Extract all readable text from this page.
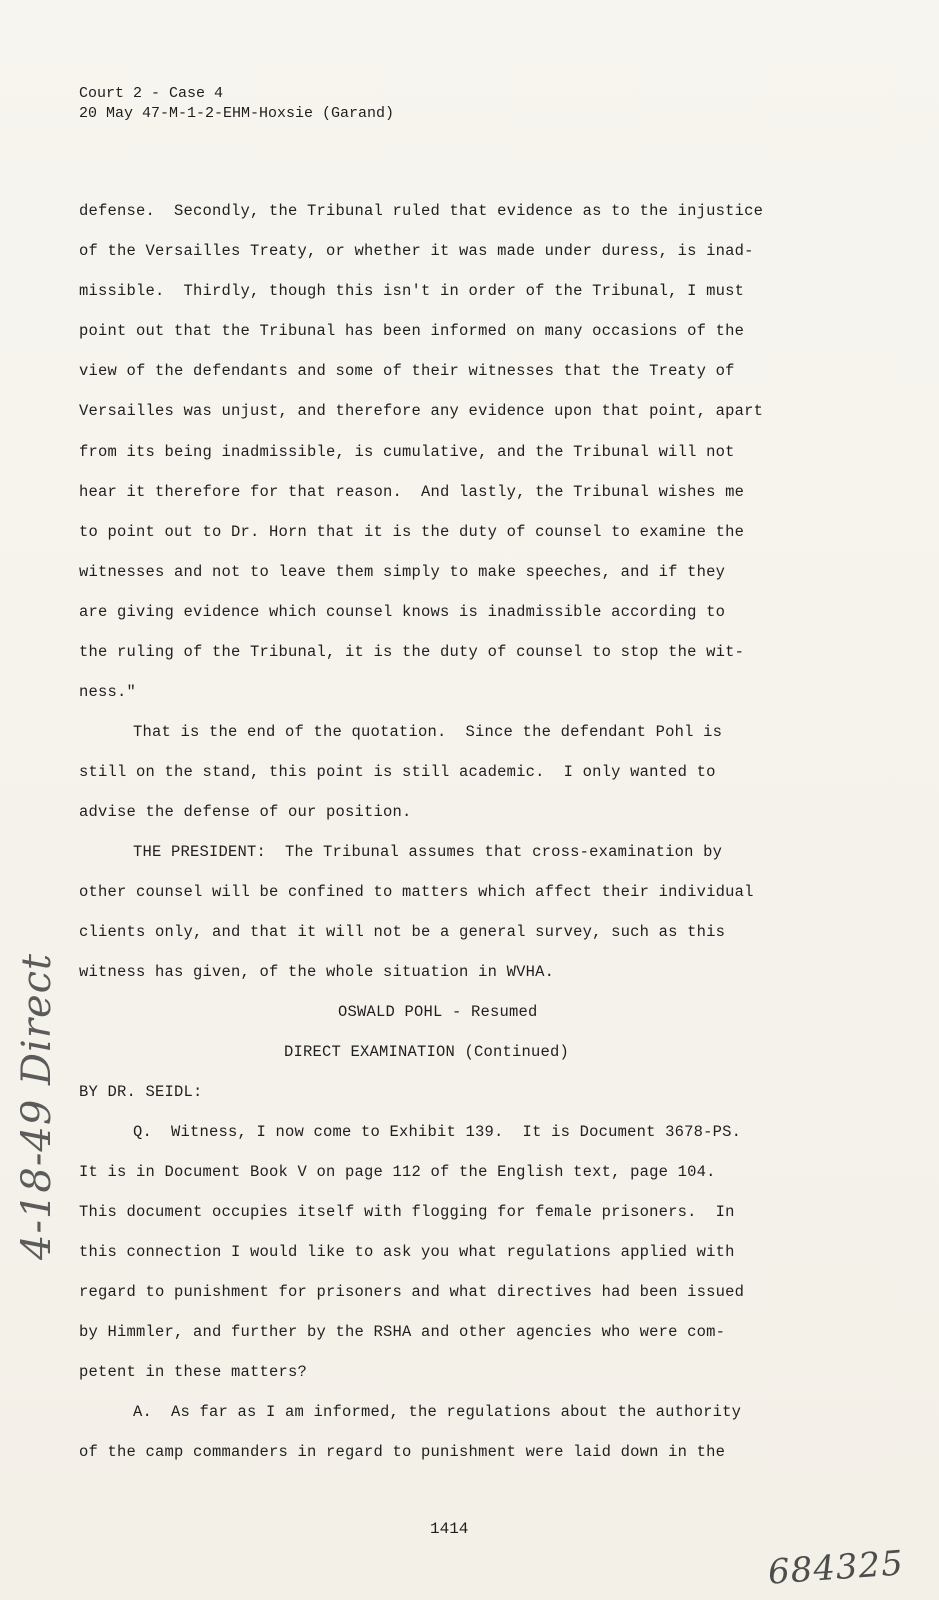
Court 2 - Case 4
20 May 47-M-1-2-EHM-Hoxsie (Garand)
defense.  Secondly, the Tribunal ruled that evidence as to the injustice
of the Versailles Treaty, or whether it was made under duress, is inad-
missible.  Thirdly, though this isn't in order of the Tribunal, I must
point out that the Tribunal has been informed on many occasions of the
view of the defendants and some of their witnesses that the Treaty of
Versailles was unjust, and therefore any evidence upon that point, apart
from its being inadmissible, is cumulative, and the Tribunal will not
hear it therefore for that reason.  And lastly, the Tribunal wishes me
to point out to Dr. Horn that it is the duty of counsel to examine the
witnesses and not to leave them simply to make speeches, and if they
are giving evidence which counsel knows is inadmissible according to
the ruling of the Tribunal, it is the duty of counsel to stop the wit-
ness."
That is the end of the quotation.  Since the defendant Pohl is
still on the stand, this point is still academic.  I only wanted to
advise the defense of our position.
THE PRESIDENT:  The Tribunal assumes that cross-examination by
other counsel will be confined to matters which affect their individual
clients only, and that it will not be a general survey, such as this
witness has given, of the whole situation in WVHA.
OSWALD POHL - Resumed
DIRECT EXAMINATION (Continued)
BY DR. SEIDL:
Q.  Witness, I now come to Exhibit 139.  It is Document 3678-PS.
It is in Document Book V on page 112 of the English text, page 104.
This document occupies itself with flogging for female prisoners.  In
this connection I would like to ask you what regulations applied with
regard to punishment for prisoners and what directives had been issued
by Himmler, and further by the RSHA and other agencies who were com-
petent in these matters?
A.  As far as I am informed, the regulations about the authority
of the camp commanders in regard to punishment were laid down in the
4-18-49 Direct
1414
684325
